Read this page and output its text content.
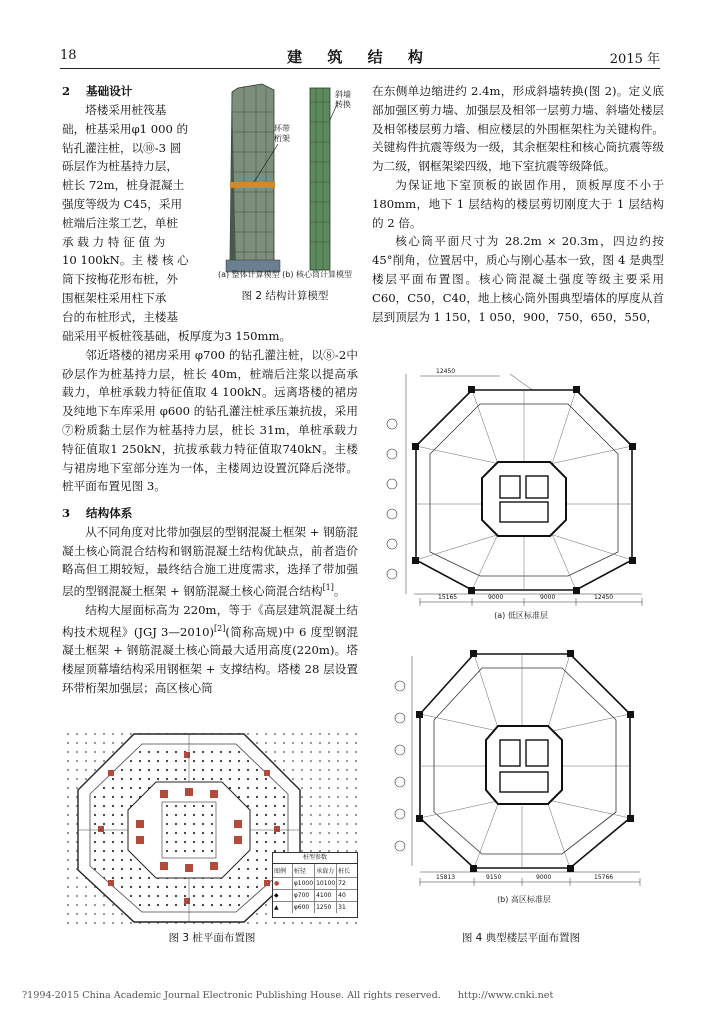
18	建 筑 结 构	2015 年
2 基础设计

塔楼采用桩筏基

础，桩基采用φ1 000 的

钻孔灌注桩，以⑩-3 圆

砾层作为桩基持力层，

桩长 72m，桩身混凝土

强度等级为 C45，采用

桩端后注浆工艺，单桩

承 载 力 特 征 值 为

10 100kN。主 楼 核 心

筒下按梅花形布桩，外

围框架柱采用柱下承

台的布桩形式，主楼基

环带桁架
斜墙转换
(a) 整体计算模型 (b) 核心筒计算模型
图 2 结构计算模型

础采用平板桩筏基础，板厚度为3 150mm。

邻近塔楼的裙房采用 φ700 的钻孔灌注桩，以⑧-2中砂层作为桩基持力层，桩长 40m，桩端后注浆以提高承载力，单桩承载力特征值取 4 100kN。远离塔楼的裙房及纯地下车库采用 φ600 的钻孔灌注桩承压兼抗拔，采用⑦粉质黏土层作为桩基持力层，桩长 31m，单桩承载力特征值取1 250kN，抗拔承载力特征值取740kN。主楼与裙房地下室部分连为一体，主楼周边设置沉降后浇带。桩平面布置见图 3。

3 结构体系

从不同角度对比带加强层的型钢混凝土框架 + 钢筋混凝土核心筒混合结构和钢筋混凝土结构优缺点，前者造价略高但工期较短，最终结合施工进度需求，选择了带加强层的型钢混凝土框架 + 钢筋混凝土核心筒混合结构[1]。

结构大屋面标高为 220m，等于《高层建筑混凝土结构技术规程》(JGJ 3—2010)[2](简称高规)中 6 度型钢混凝土框架 + 钢筋混凝土核心筒最大适用高度(220m)。塔楼屋顶幕墙结构采用钢框架 + 支撑结构。塔楼 28 层设置环带桁架加强层；高区核心筒

桩型参数
图例	桩径	承载力 桩长
●	φ1000 10100 72
◆	φ700	4100	40
▲	φ600	1250	31
图 3 桩平面布置图

在东侧单边缩进约 2.4m，形成斜墙转换(图 2)。定义底部加强区剪力墙、加强层及相邻一层剪力墙、斜墙处楼层及相邻楼层剪力墙、相应楼层的外围框架柱为关键构件。关键构件抗震等级为一级，其余框架柱和核心筒抗震等级为二级，钢框架梁四级，地下室抗震等级降低。

为保证地下室顶板的嵌固作用，顶板厚度不小于 180mm，地下 1 层结构的楼层剪切刚度大于 1 层结构的 2 倍。

核心筒平面尺寸为 28.2m × 20.3m，四边约按 45°削角，位置居中，质心与刚心基本一致，图 4 是典型楼层平面布置图。核心筒混凝土强度等级主要采用 C60，C50，C40，地上核心筒外围典型墙体的厚度从首层到顶层为 1 150，1 050，900，750，650，550，

15165	9000	9000	12450
12450
(a) 低区标准层
15813	9150	9000	15766
(b) 高区标准层
图 4 典型楼层平面布置图
?1994-2015 China Academic Journal Electronic Publishing House. All rights reserved. http://www.cnki.net
